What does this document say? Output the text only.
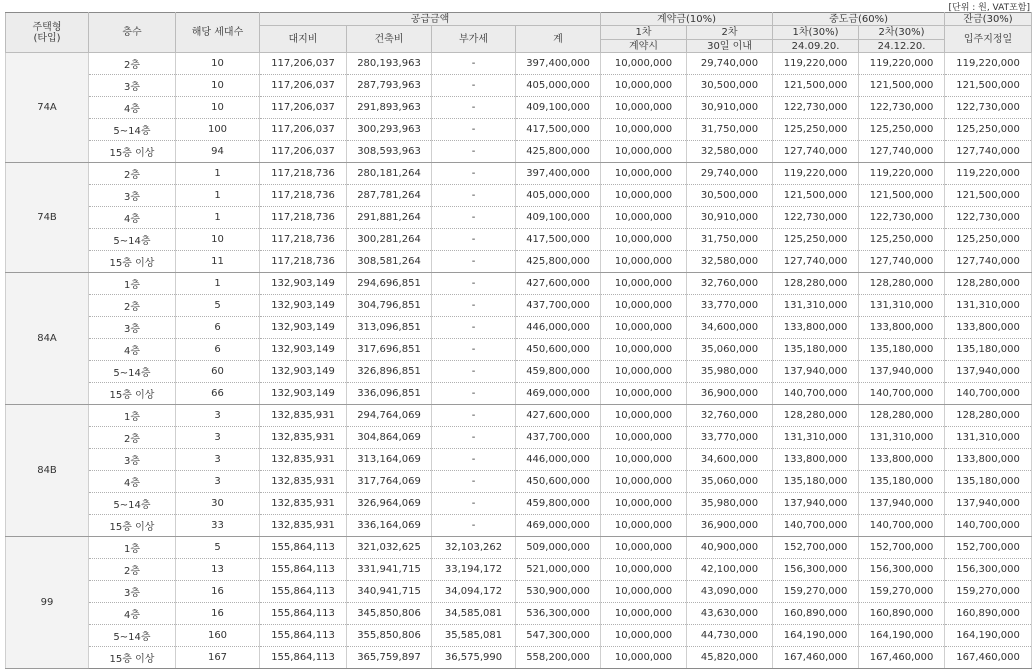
[단위 : 원, VAT포함]
주택형
(타입)	층수	해당 세대수	공급금액				계약금(10%)		중도금(60%)		잔금(30%)
			대지비	건축비	부가세	계	1차	2차	1차(30%)	2차(30%)	입주지정일
							계약시	30일 이내	24.09.20.	24.12.20.	
74A	2층	10	117,206,037	280,193,963	-	397,400,000	10,000,000	29,740,000	119,220,000	119,220,000	119,220,000
	3층	10	117,206,037	287,793,963	-	405,000,000	10,000,000	30,500,000	121,500,000	121,500,000	121,500,000
	4층	10	117,206,037	291,893,963	-	409,100,000	10,000,000	30,910,000	122,730,000	122,730,000	122,730,000
	5~14층	100	117,206,037	300,293,963	-	417,500,000	10,000,000	31,750,000	125,250,000	125,250,000	125,250,000
	15층 이상	94	117,206,037	308,593,963	-	425,800,000	10,000,000	32,580,000	127,740,000	127,740,000	127,740,000
74B	2층	1	117,218,736	280,181,264	-	397,400,000	10,000,000	29,740,000	119,220,000	119,220,000	119,220,000
	3층	1	117,218,736	287,781,264	-	405,000,000	10,000,000	30,500,000	121,500,000	121,500,000	121,500,000
	4층	1	117,218,736	291,881,264	-	409,100,000	10,000,000	30,910,000	122,730,000	122,730,000	122,730,000
	5~14층	10	117,218,736	300,281,264	-	417,500,000	10,000,000	31,750,000	125,250,000	125,250,000	125,250,000
	15층 이상	11	117,218,736	308,581,264	-	425,800,000	10,000,000	32,580,000	127,740,000	127,740,000	127,740,000
84A	1층	1	132,903,149	294,696,851	-	427,600,000	10,000,000	32,760,000	128,280,000	128,280,000	128,280,000
	2층	5	132,903,149	304,796,851	-	437,700,000	10,000,000	33,770,000	131,310,000	131,310,000	131,310,000
	3층	6	132,903,149	313,096,851	-	446,000,000	10,000,000	34,600,000	133,800,000	133,800,000	133,800,000
	4층	6	132,903,149	317,696,851	-	450,600,000	10,000,000	35,060,000	135,180,000	135,180,000	135,180,000
	5~14층	60	132,903,149	326,896,851	-	459,800,000	10,000,000	35,980,000	137,940,000	137,940,000	137,940,000
	15층 이상	66	132,903,149	336,096,851	-	469,000,000	10,000,000	36,900,000	140,700,000	140,700,000	140,700,000
84B	1층	3	132,835,931	294,764,069	-	427,600,000	10,000,000	32,760,000	128,280,000	128,280,000	128,280,000
	2층	3	132,835,931	304,864,069	-	437,700,000	10,000,000	33,770,000	131,310,000	131,310,000	131,310,000
	3층	3	132,835,931	313,164,069	-	446,000,000	10,000,000	34,600,000	133,800,000	133,800,000	133,800,000
	4층	3	132,835,931	317,764,069	-	450,600,000	10,000,000	35,060,000	135,180,000	135,180,000	135,180,000
	5~14층	30	132,835,931	326,964,069	-	459,800,000	10,000,000	35,980,000	137,940,000	137,940,000	137,940,000
	15층 이상	33	132,835,931	336,164,069	-	469,000,000	10,000,000	36,900,000	140,700,000	140,700,000	140,700,000
99	1층	5	155,864,113	321,032,625	32,103,262	509,000,000	10,000,000	40,900,000	152,700,000	152,700,000	152,700,000
	2층	13	155,864,113	331,941,715	33,194,172	521,000,000	10,000,000	42,100,000	156,300,000	156,300,000	156,300,000
	3층	16	155,864,113	340,941,715	34,094,172	530,900,000	10,000,000	43,090,000	159,270,000	159,270,000	159,270,000
	4층	16	155,864,113	345,850,806	34,585,081	536,300,000	10,000,000	43,630,000	160,890,000	160,890,000	160,890,000
	5~14층	160	155,864,113	355,850,806	35,585,081	547,300,000	10,000,000	44,730,000	164,190,000	164,190,000	164,190,000
	15층 이상	167	155,864,113	365,759,897	36,575,990	558,200,000	10,000,000	45,820,000	167,460,000	167,460,000	167,460,000
